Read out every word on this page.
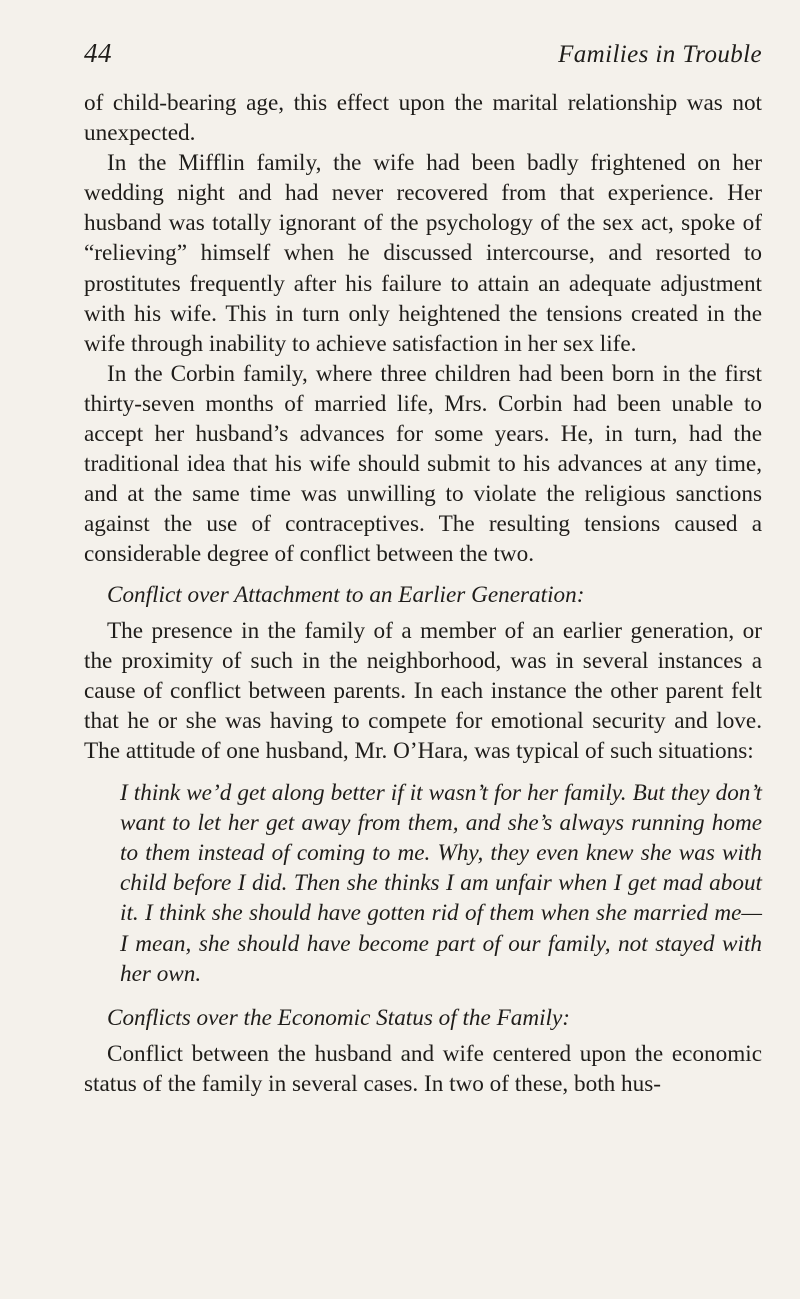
44	Families in Trouble

of child-bearing age, this effect upon the marital relationship was not unexpected.

In the Mifflin family, the wife had been badly frightened on her wedding night and had never recovered from that experience. Her husband was totally ignorant of the psychology of the sex act, spoke of “relieving” himself when he discussed intercourse, and resorted to prostitutes frequently after his failure to attain an adequate adjustment with his wife. This in turn only heightened the tensions created in the wife through inability to achieve satisfaction in her sex life.

In the Corbin family, where three children had been born in the first thirty-seven months of married life, Mrs. Corbin had been unable to accept her husband’s advances for some years. He, in turn, had the traditional idea that his wife should submit to his advances at any time, and at the same time was unwilling to violate the religious sanctions against the use of contraceptives. The resulting tensions caused a considerable degree of conflict between the two.

Conflict over Attachment to an Earlier Generation:

The presence in the family of a member of an earlier generation, or the proximity of such in the neighborhood, was in several instances a cause of conflict between parents. In each instance the other parent felt that he or she was having to compete for emotional security and love. The attitude of one husband, Mr. O’Hara, was typical of such situations:

I think we’d get along better if it wasn’t for her family. But they don’t want to let her get away from them, and she’s always running home to them instead of coming to me. Why, they even knew she was with child before I did. Then she thinks I am unfair when I get mad about it. I think she should have gotten rid of them when she married me—I mean, she should have become part of our family, not stayed with her own.

Conflicts over the Economic Status of the Family:

Conflict between the husband and wife centered upon the economic status of the family in several cases. In two of these, both hus-
